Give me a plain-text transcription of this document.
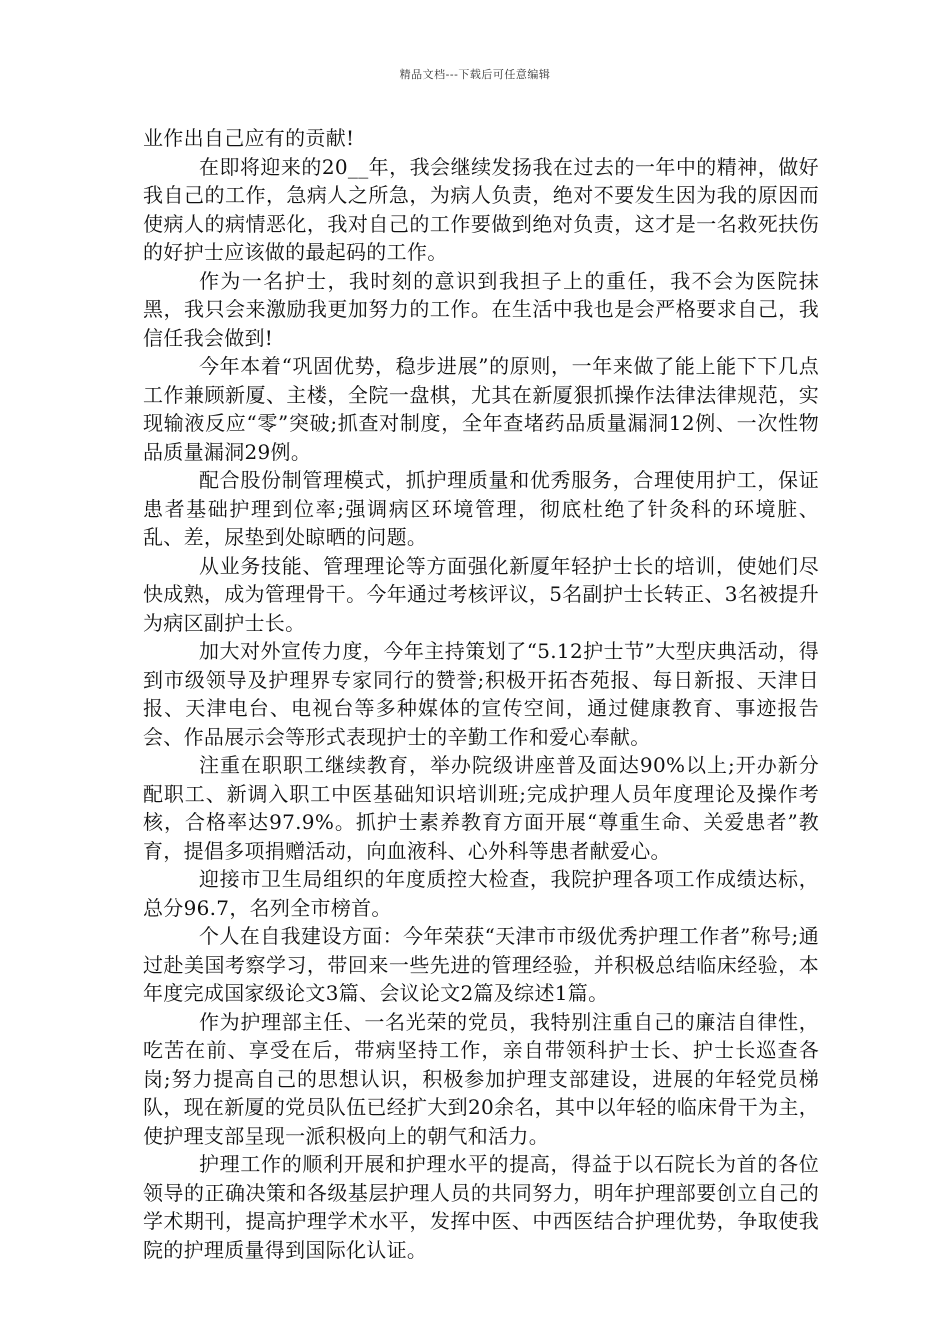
精品文档---下载后可任意编辑

业作出自己应有的贡献!

在即将迎来的20__年，我会继续发扬我在过去的一年中的精神，做好我自己的工作，急病人之所急，为病人负责，绝对不要发生因为我的原因而使病人的病情恶化，我对自己的工作要做到绝对负责，这才是一名救死扶伤的好护士应该做的最起码的工作。

作为一名护士，我时刻的意识到我担子上的重任，我不会为医院抹黑，我只会来激励我更加努力的工作。在生活中我也是会严格要求自己，我信任我会做到!

今年本着“巩固优势，稳步进展”的原则，一年来做了能上能下下几点工作兼顾新厦、主楼，全院一盘棋，尤其在新厦狠抓操作法律法律规范，实现输液反应“零”突破;抓查对制度，全年查堵药品质量漏洞12例、一次性物品质量漏洞29例。

配合股份制管理模式，抓护理质量和优秀服务，合理使用护工，保证患者基础护理到位率;强调病区环境管理，彻底杜绝了针灸科的环境脏、乱、差，尿垫到处晾晒的问题。

从业务技能、管理理论等方面强化新厦年轻护士长的培训，使她们尽快成熟，成为管理骨干。今年通过考核评议，5名副护士长转正、3名被提升为病区副护士长。

加大对外宣传力度，今年主持策划了“5.12护士节”大型庆典活动，得到市级领导及护理界专家同行的赞誉;积极开拓杏苑报、每日新报、天津日报、天津电台、电视台等多种媒体的宣传空间，通过健康教育、事迹报告会、作品展示会等形式表现护士的辛勤工作和爱心奉献。

注重在职职工继续教育，举办院级讲座普及面达90%以上;开办新分配职工、新调入职工中医基础知识培训班;完成护理人员年度理论及操作考核，合格率达97.9%。抓护士素养教育方面开展“尊重生命、关爱患者”教育，提倡多项捐赠活动，向血液科、心外科等患者献爱心。

迎接市卫生局组织的年度质控大检查，我院护理各项工作成绩达标，总分96.7，名列全市榜首。

个人在自我建设方面：今年荣获“天津市市级优秀护理工作者”称号;通过赴美国考察学习，带回来一些先进的管理经验，并积极总结临床经验，本年度完成国家级论文3篇、会议论文2篇及综述1篇。

作为护理部主任、一名光荣的党员，我特别注重自己的廉洁自律性，吃苦在前、享受在后，带病坚持工作，亲自带领科护士长、护士长巡查各岗;努力提高自己的思想认识，积极参加护理支部建设，进展的年轻党员梯队，现在新厦的党员队伍已经扩大到20余名，其中以年轻的临床骨干为主，使护理支部呈现一派积极向上的朝气和活力。

护理工作的顺利开展和护理水平的提高，得益于以石院长为首的各位领导的正确决策和各级基层护理人员的共同努力，明年护理部要创立自己的学术期刊，提高护理学术水平，发挥中医、中西医结合护理优势，争取使我院的护理质量得到国际化认证。
